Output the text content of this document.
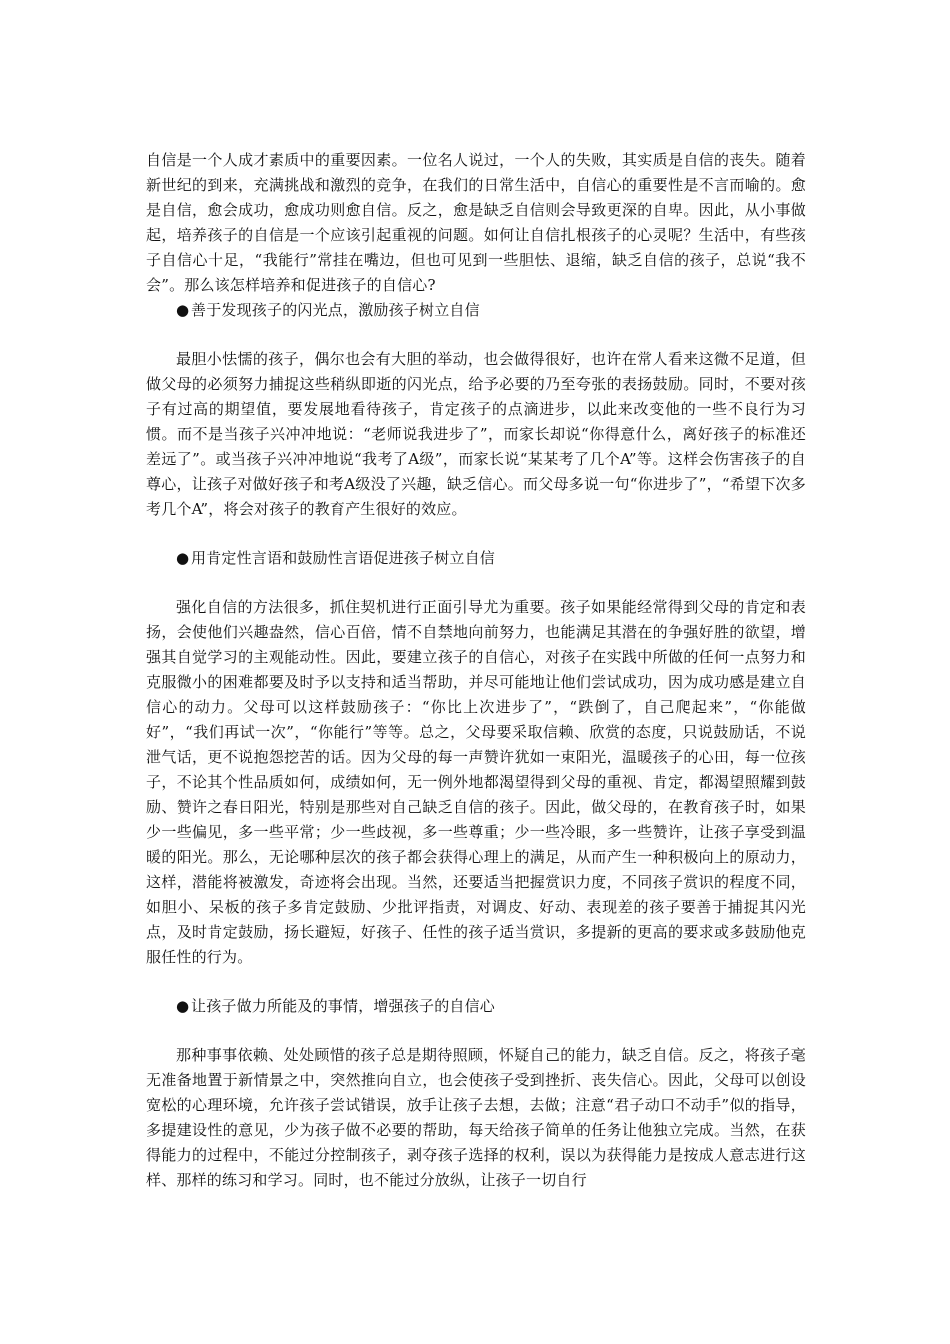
自信是一个人成才素质中的重要因素。一位名人说过，一个人的失败，其实质是自信的丧失。随着新世纪的到来，充满挑战和激烈的竞争，在我们的日常生活中，自信心的重要性是不言而喻的。愈是自信，愈会成功，愈成功则愈自信。反之，愈是缺乏自信则会导致更深的自卑。因此，从小事做起，培养孩子的自信是一个应该引起重视的问题。如何让自信扎根孩子的心灵呢？生活中，有些孩子自信心十足，“我能行”常挂在嘴边，但也可见到一些胆怯、退缩，缺乏自信的孩子，总说“我不会”。那么该怎样培养和促进孩子的自信心?

● 善于发现孩子的闪光点，激励孩子树立自信

最胆小怯懦的孩子，偶尔也会有大胆的举动，也会做得很好，也许在常人看来这微不足道，但做父母的必须努力捕捉这些稍纵即逝的闪光点，给予必要的乃至夸张的表扬鼓励。同时，不要对孩子有过高的期望值，要发展地看待孩子，肯定孩子的点滴进步，以此来改变他的一些不良行为习惯。而不是当孩子兴冲冲地说：“老师说我进步了”，而家长却说“你得意什么，离好孩子的标准还差远了”。或当孩子兴冲冲地说“我考了A级”，而家长说“某某考了几个A”等。这样会伤害孩子的自尊心，让孩子对做好孩子和考A级没了兴趣，缺乏信心。而父母多说一句“你进步了”，“希望下次多考几个A”，将会对孩子的教育产生很好的效应。

● 用肯定性言语和鼓励性言语促进孩子树立自信

强化自信的方法很多，抓住契机进行正面引导尤为重要。孩子如果能经常得到父母的肯定和表扬，会使他们兴趣盎然，信心百倍，情不自禁地向前努力，也能满足其潜在的争强好胜的欲望，增强其自觉学习的主观能动性。因此，要建立孩子的自信心，对孩子在实践中所做的任何一点努力和克服微小的困难都要及时予以支持和适当帮助，并尽可能地让他们尝试成功，因为成功感是建立自信心的动力。父母可以这样鼓励孩子：“你比上次进步了”，“跌倒了，自己爬起来”，“你能做好”，“我们再试一次”，“你能行”等等。总之，父母要采取信赖、欣赏的态度，只说鼓励话，不说泄气话，更不说抱怨挖苦的话。因为父母的每一声赞许犹如一束阳光，温暖孩子的心田，每一位孩子，不论其个性品质如何，成绩如何，无一例外地都渴望得到父母的重视、肯定，都渴望照耀到鼓励、赞许之春日阳光，特别是那些对自己缺乏自信的孩子。因此，做父母的，在教育孩子时，如果少一些偏见，多一些平常；少一些歧视，多一些尊重；少一些冷眼，多一些赞许，让孩子享受到温暖的阳光。那么，无论哪种层次的孩子都会获得心理上的满足，从而产生一种积极向上的原动力，这样，潜能将被激发，奇迹将会出现。当然，还要适当把握赏识力度，不同孩子赏识的程度不同，如胆小、呆板的孩子多肯定鼓励、少批评指责，对调皮、好动、表现差的孩子要善于捕捉其闪光点，及时肯定鼓励，扬长避短，好孩子、任性的孩子适当赏识，多提新的更高的要求或多鼓励他克服任性的行为。

● 让孩子做力所能及的事情，增强孩子的自信心

那种事事依赖、处处顾惜的孩子总是期待照顾，怀疑自己的能力，缺乏自信。反之，将孩子毫无准备地置于新情景之中，突然推向自立，也会使孩子受到挫折、丧失信心。因此，父母可以创设宽松的心理环境，允许孩子尝试错误，放手让孩子去想，去做；注意“君子动口不动手”似的指导，多提建设性的意见，少为孩子做不必要的帮助，每天给孩子简单的任务让他独立完成。当然，在获得能力的过程中，不能过分控制孩子，剥夺孩子选择的权利，误以为获得能力是按成人意志进行这样、那样的练习和学习。同时，也不能过分放纵，让孩子一切自行
